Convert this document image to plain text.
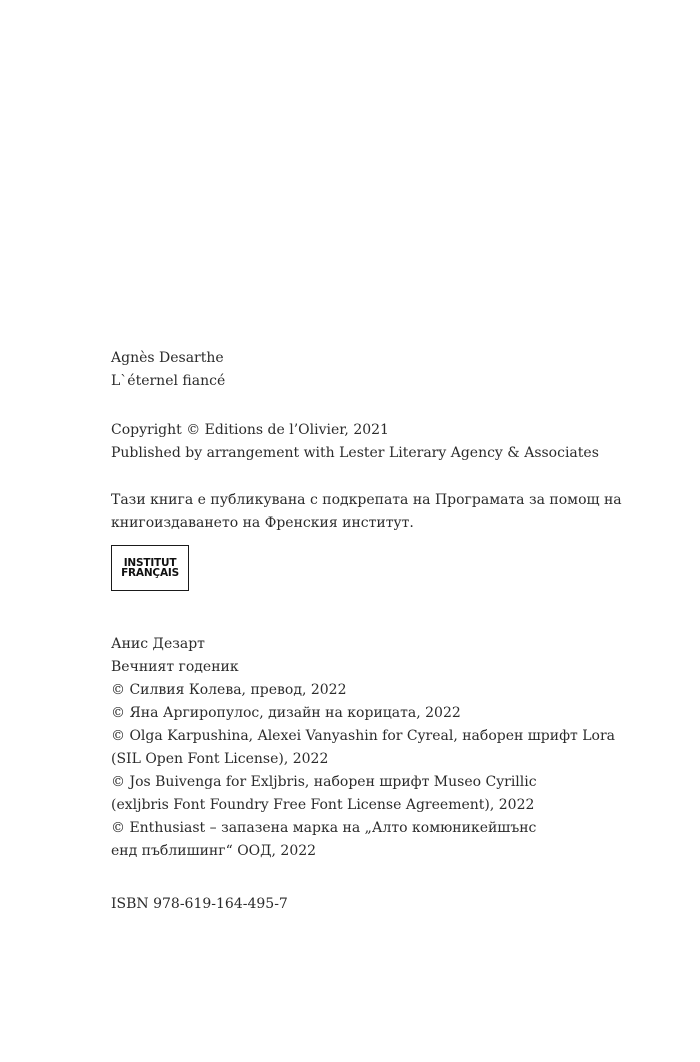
Agnès Desarthe
L`éternel fiancé
Copyright © Editions de l’Olivier, 2021
Published by arrangement with Lester Literary Agency & Associates
Тази книга е публикувана с подкрепата на Програмата за помощ на
книгоиздаването на Френския институт.
INSTITUT
FRANÇAIS
Анис Дезарт
Вечният годеник
© Силвия Колева, превод, 2022
© Яна Аргиропулос, дизайн на корицата, 2022
© Olga Karpushina, Alexei Vanyashin for Cyreal, наборен шрифт Lora
(SIL Open Font License), 2022
© Jos Buivenga for Exljbris, наборен шрифт Museo Cyrillic
(exljbris Font Foundry Free Font License Agreement), 2022
© Enthusiast – запазена марка на „Алто комюникейшънс
енд пъблишинг“ ООД, 2022
ISBN 978-619-164-495-7
